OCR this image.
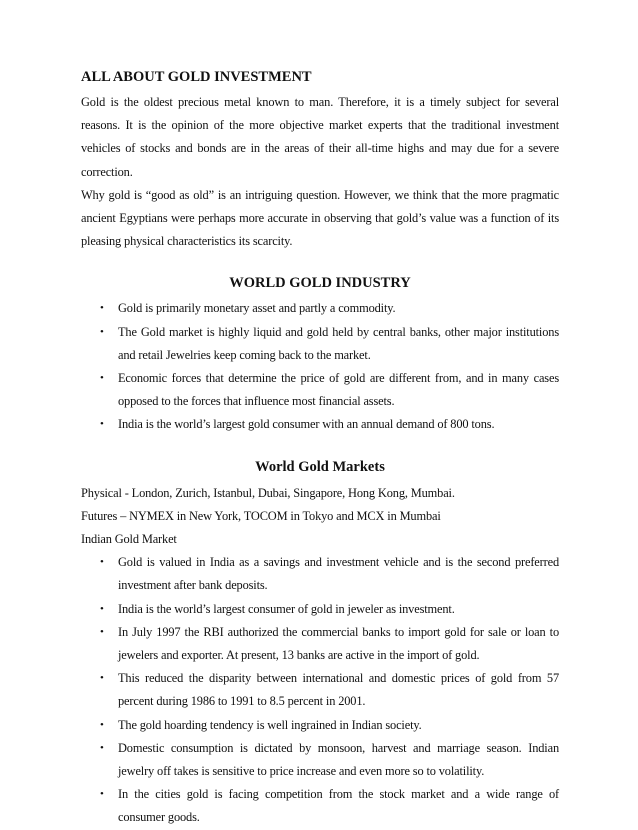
ALL ABOUT GOLD INVESTMENT

Gold is the oldest precious metal known to man. Therefore, it is a timely subject for several reasons. It is the opinion of the more objective market experts that the traditional investment vehicles of stocks and bonds are in the areas of their all-time highs and may due for a severe correction.

Why gold is “good as old” is an intriguing question. However, we think that the more pragmatic ancient Egyptians were perhaps more accurate in observing that gold’s value was a function of its pleasing physical characteristics its scarcity.

WORLD GOLD INDUSTRY
• Gold is primarily monetary asset and partly a commodity.
• The Gold market is highly liquid and gold held by central banks, other major institutions and retail Jewelries keep coming back to the market.
• Economic forces that determine the price of gold are different from, and in many cases opposed to the forces that influence most financial assets.
• India is the world’s largest gold consumer with an annual demand of 800 tons.
World Gold Markets

Physical - London, Zurich, Istanbul, Dubai, Singapore, Hong Kong, Mumbai.

Futures – NYMEX in New York, TOCOM in Tokyo and MCX in Mumbai

Indian Gold Market

• Gold is valued in India as a savings and investment vehicle and is the second preferred investment after bank deposits.
• India is the world’s largest consumer of gold in jeweler as investment.
• In July 1997 the RBI authorized the commercial banks to import gold for sale or loan to jewelers and exporter. At present, 13 banks are active in the import of gold.
• This reduced the disparity between international and domestic prices of gold from 57 percent during 1986 to 1991 to 8.5 percent in 2001.
• The gold hoarding tendency is well ingrained in Indian society.
• Domestic consumption is dictated by monsoon, harvest and marriage season. Indian jewelry off takes is sensitive to price increase and even more so to volatility.
• In the cities gold is facing competition from the stock market and a wide range of consumer goods.
